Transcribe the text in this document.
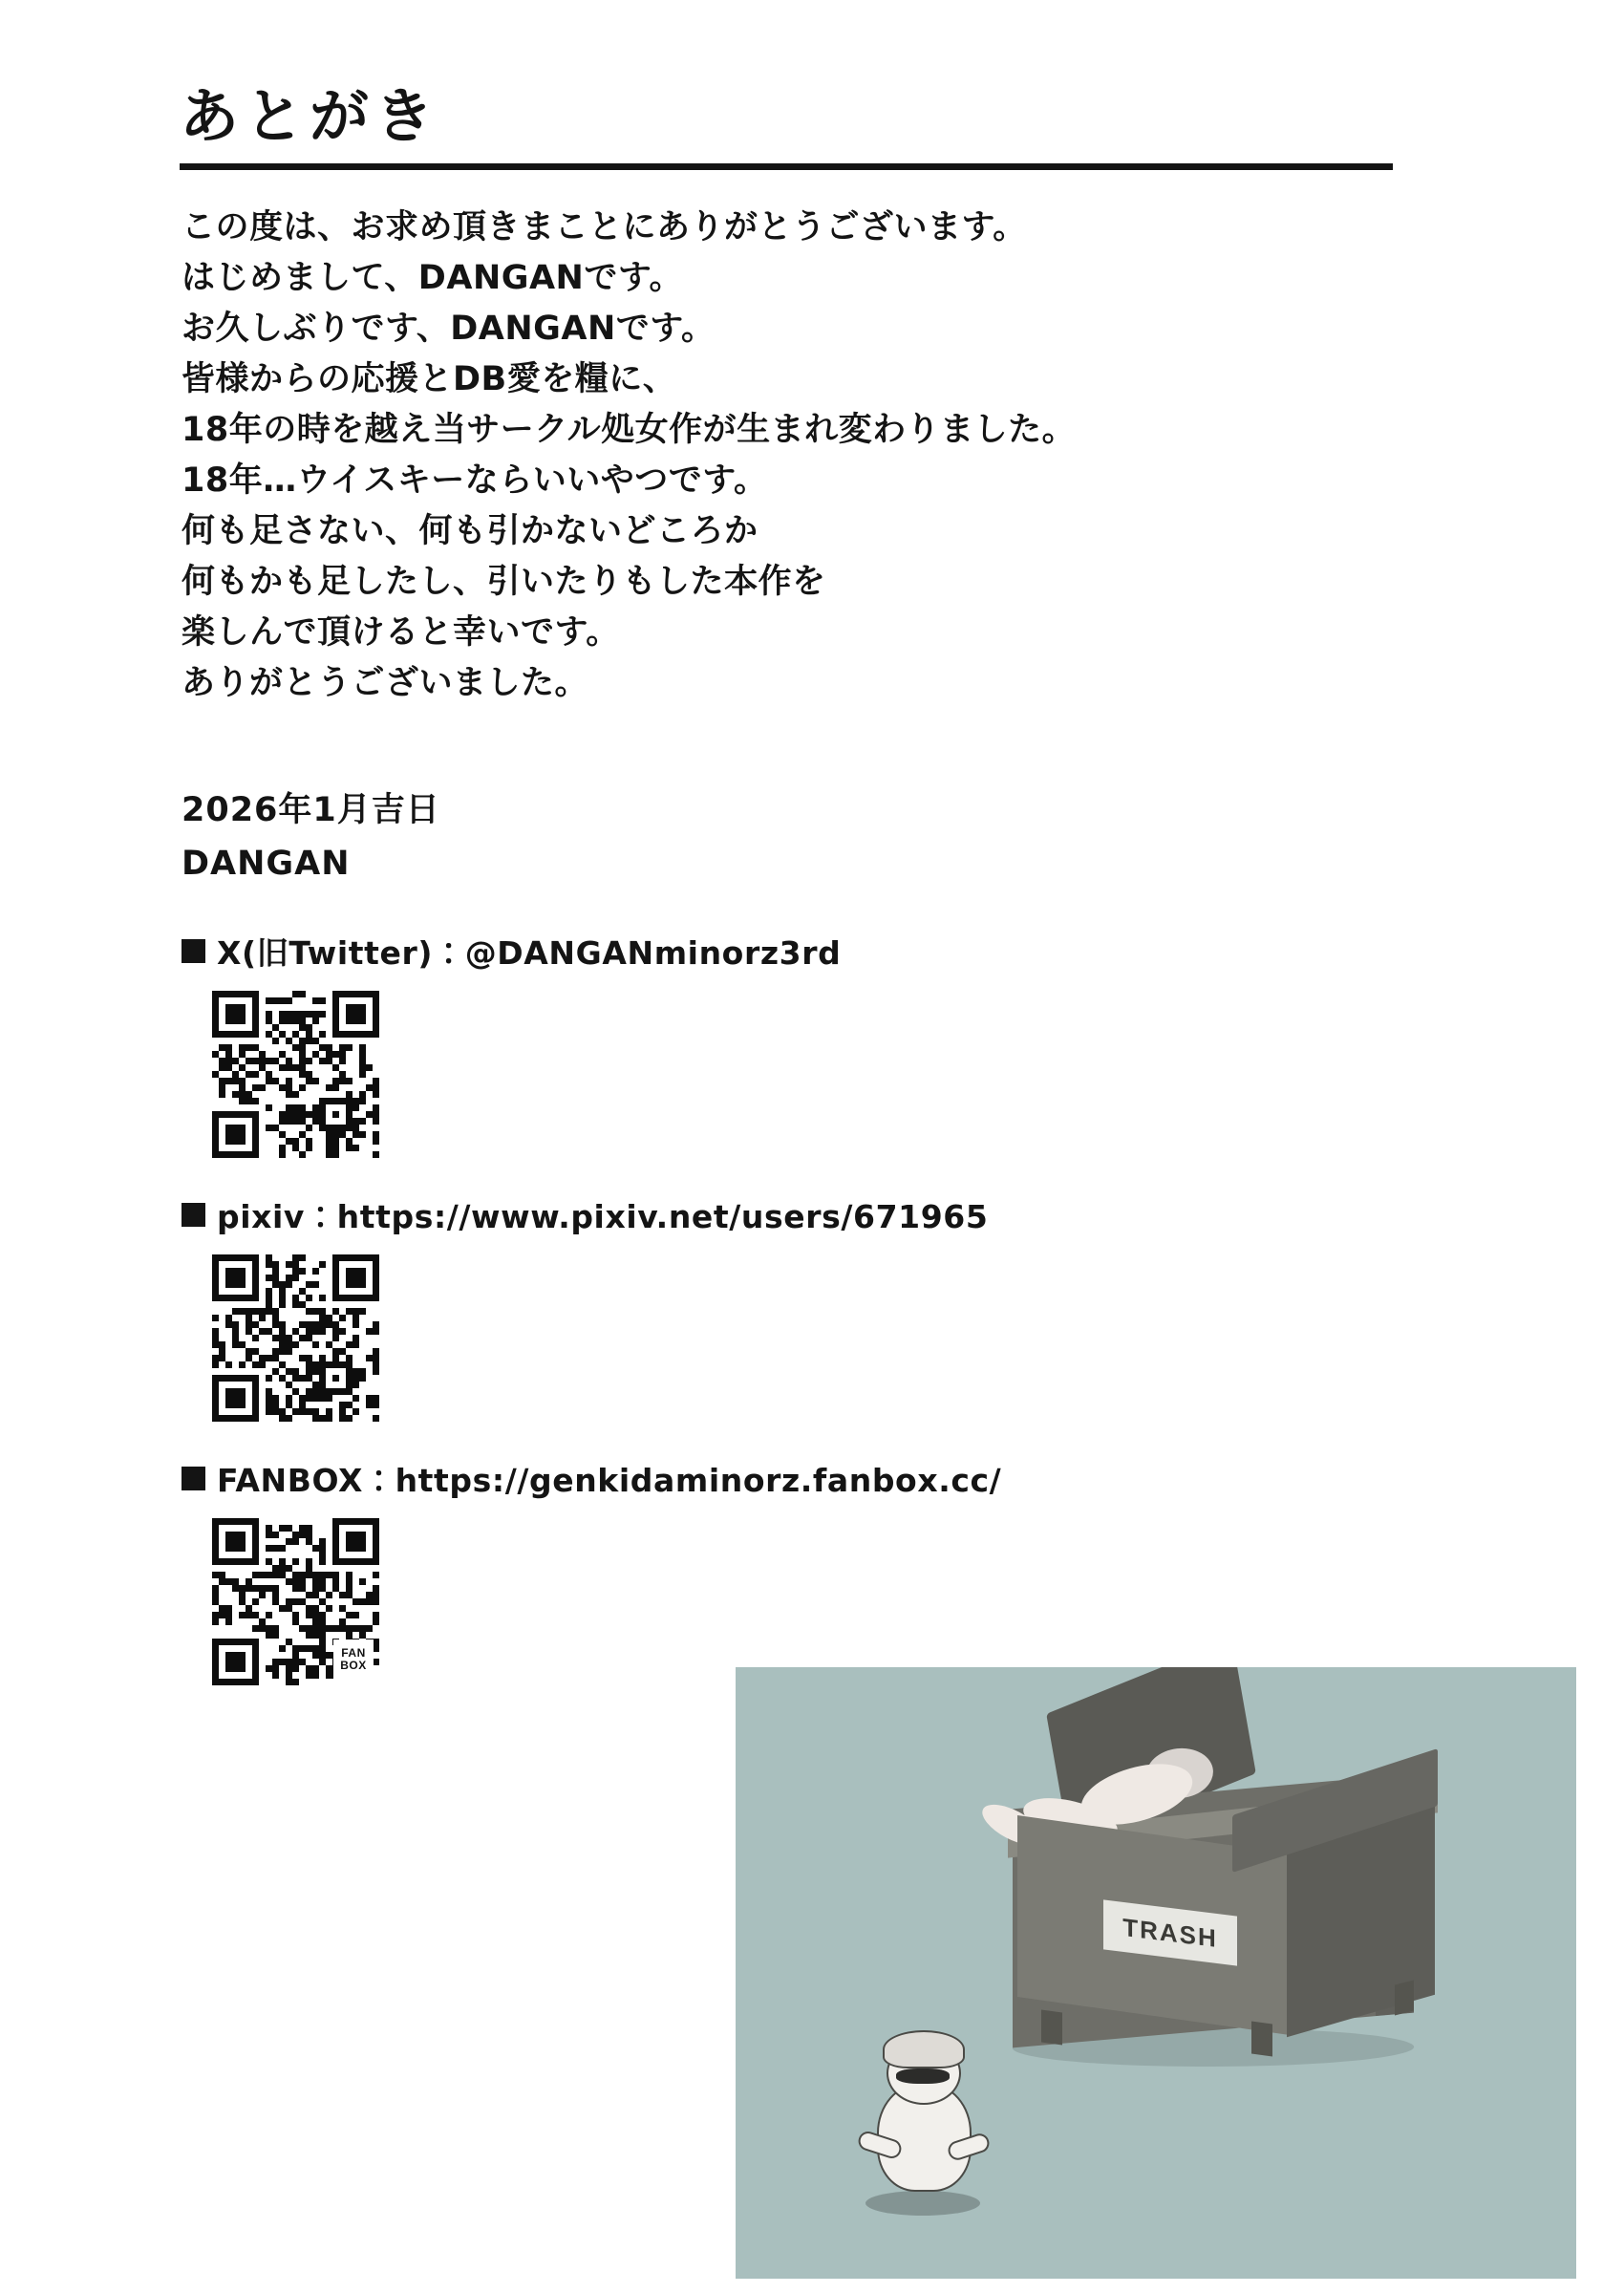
あとがき
この度は、お求め頂きまことにありがとうございます。
はじめまして、DANGANです。
お久しぶりです、DANGANです。
皆様からの応援とDB愛を糧に、
18年の時を越え当サークル処女作が生まれ変わりました。
18年…ウイスキーならいいやつです。
何も足さない、何も引かないどころか
何もかも足したし、引いたりもした本作を
楽しんで頂けると幸いです。
ありがとうございました。
2026年1月吉日
DANGAN
X(旧Twitter)：@DANGANminorz3rd
pixiv：https://www.pixiv.net/users/671965
FANBOX：https://genkidaminorz.fanbox.cc/
FAN
BOX
TRASH
